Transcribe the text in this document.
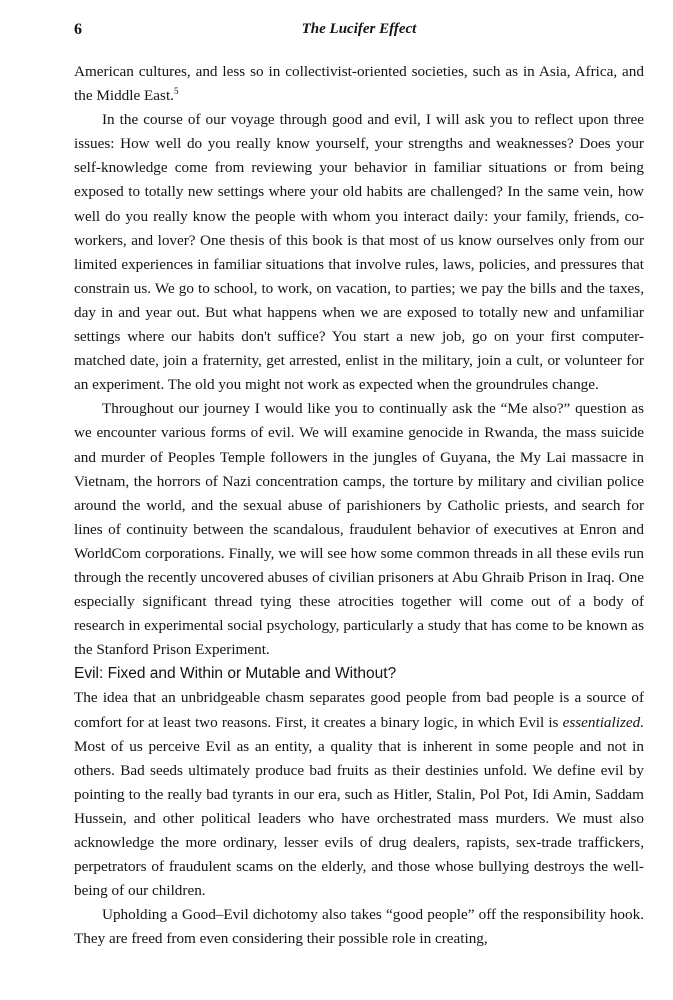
6	The Lucifer Effect

American cultures, and less so in collectivist-oriented societies, such as in Asia, Africa, and the Middle East.$^5$

In the course of our voyage through good and evil, I will ask you to reflect upon three issues: How well do you really know yourself, your strengths and weaknesses? Does your self-knowledge come from reviewing your behavior in familiar situations or from being exposed to totally new settings where your old habits are challenged? In the same vein, how well do you really know the people with whom you interact daily: your family, friends, co-workers, and lover? One thesis of this book is that most of us know ourselves only from our limited experiences in familiar situations that involve rules, laws, policies, and pressures that constrain us. We go to school, to work, on vacation, to parties; we pay the bills and the taxes, day in and year out. But what happens when we are exposed to totally new and unfamiliar settings where our habits don't suffice? You start a new job, go on your first computer-matched date, join a fraternity, get arrested, enlist in the military, join a cult, or volunteer for an experiment. The old you might not work as expected when the groundrules change.

Throughout our journey I would like you to continually ask the “Me also?” question as we encounter various forms of evil. We will examine genocide in Rwanda, the mass suicide and murder of Peoples Temple followers in the jungles of Guyana, the My Lai massacre in Vietnam, the horrors of Nazi concentration camps, the torture by military and civilian police around the world, and the sexual abuse of parishioners by Catholic priests, and search for lines of continuity between the scandalous, fraudulent behavior of executives at Enron and WorldCom corporations. Finally, we will see how some common threads in all these evils run through the recently uncovered abuses of civilian prisoners at Abu Ghraib Prison in Iraq. One especially significant thread tying these atrocities together will come out of a body of research in experimental social psychology, particularly a study that has come to be known as the Stanford Prison Experiment.

Evil: Fixed and Within or Mutable and Without?

The idea that an unbridgeable chasm separates good people from bad people is a source of comfort for at least two reasons. First, it creates a binary logic, in which Evil is essentialized. Most of us perceive Evil as an entity, a quality that is inherent in some people and not in others. Bad seeds ultimately produce bad fruits as their destinies unfold. We define evil by pointing to the really bad tyrants in our era, such as Hitler, Stalin, Pol Pot, Idi Amin, Saddam Hussein, and other political leaders who have orchestrated mass murders. We must also acknowledge the more ordinary, lesser evils of drug dealers, rapists, sex-trade traffickers, perpetrators of fraudulent scams on the elderly, and those whose bullying destroys the well-being of our children.

Upholding a Good–Evil dichotomy also takes “good people” off the responsibility hook. They are freed from even considering their possible role in creating,
